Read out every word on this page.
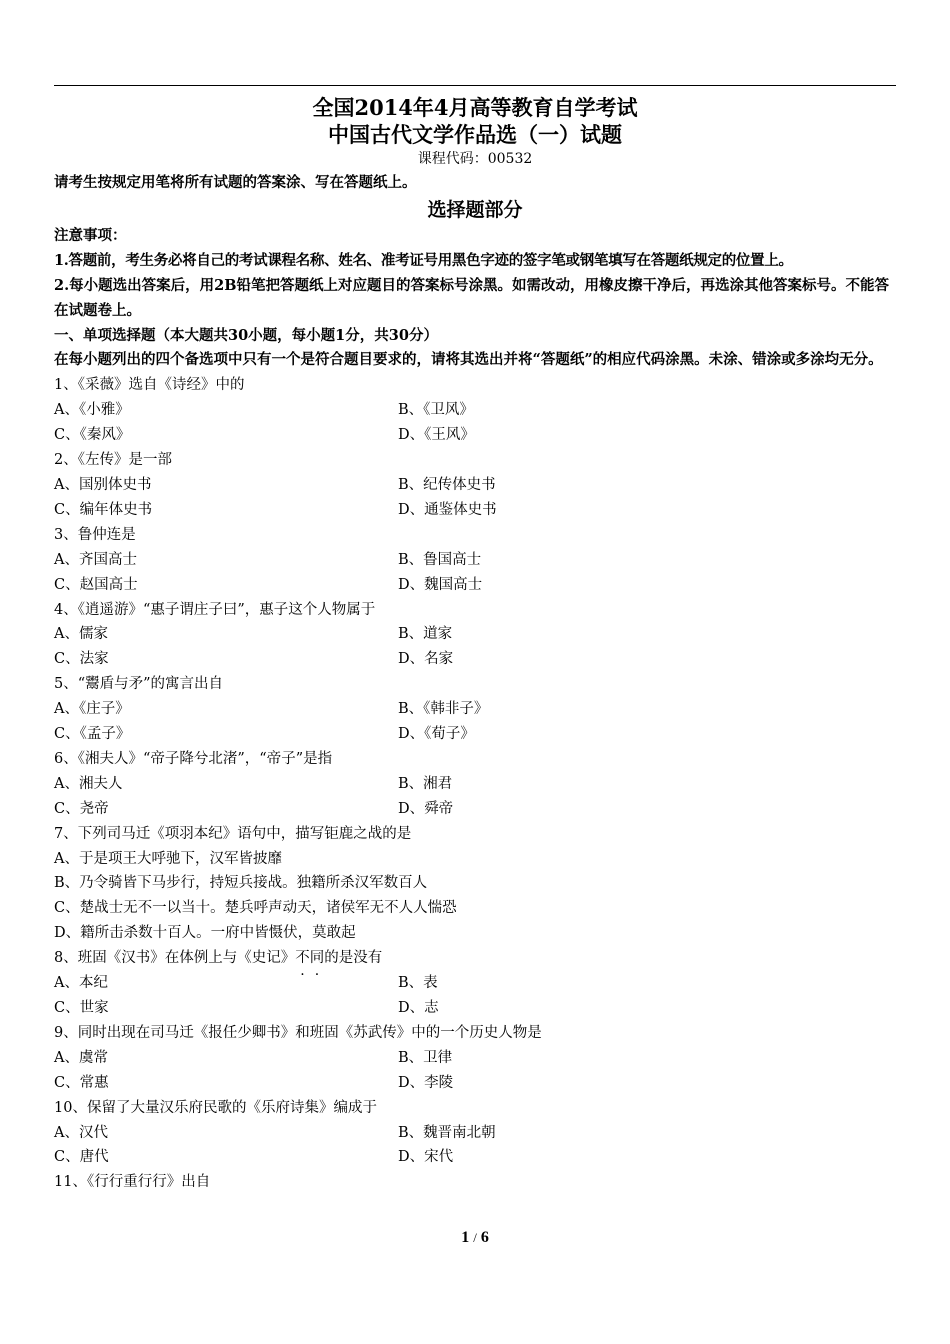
全国2014年4月高等教育自学考试
中国古代文学作品选（一）试题
课程代码：00532
请考生按规定用笔将所有试题的答案涂、写在答题纸上。
选择题部分
注意事项：
1.答题前，考生务必将自己的考试课程名称、姓名、准考证号用黑色字迹的签字笔或钢笔填写在答题纸规定的位置上。
2.每小题选出答案后，用2B铅笔把答题纸上对应题目的答案标号涂黑。如需改动，用橡皮擦干净后，再选涂其他答案标号。不能答在试题卷上。
一、单项选择题（本大题共30小题，每小题1分，共30分）
在每小题列出的四个备选项中只有一个是符合题目要求的，请将其选出并将“答题纸”的相应代码涂黑。未涂、错涂或多涂均无分。
1、《采薇》选自《诗经》中的
A、《小雅》	B、《卫风》
C、《秦风》	D、《王风》
2、《左传》是一部
A、国别体史书	B、纪传体史书
C、编年体史书	D、通鉴体史书
3、鲁仲连是
A、齐国高士	B、鲁国高士
C、赵国高士	D、魏国高士
4、《逍遥游》“惠子谓庄子曰”，惠子这个人物属于
A、儒家	B、道家
C、法家	D、名家
5、“鬻盾与矛”的寓言出自
A、《庄子》	B、《韩非子》
C、《孟子》	D、《荀子》
6、《湘夫人》“帝子降兮北渚”，“帝子”是指
A、湘夫人	B、湘君
C、尧帝	D、舜帝
7、下列司马迁《项羽本纪》语句中，描写钜鹿之战的是
A、于是项王大呼驰下，汉军皆披靡
B、乃令骑皆下马步行，持短兵接战。独籍所杀汉军数百人
C、楚战士无不一以当十。楚兵呼声动天，诸侯军无不人人惴恐
D、籍所击杀数十百人。一府中皆慑伏，莫敢起
8、班固《汉书》在体例上与《史记》不同的是没有
A、本纪	B、表
C、世家	D、志
9、同时出现在司马迁《报任少卿书》和班固《苏武传》中的一个历史人物是
A、虞常	B、卫律
C、常惠	D、李陵
10、保留了大量汉乐府民歌的《乐府诗集》编成于
A、汉代	B、魏晋南北朝
C、唐代	D、宋代
11、《行行重行行》出自
1 / 6
